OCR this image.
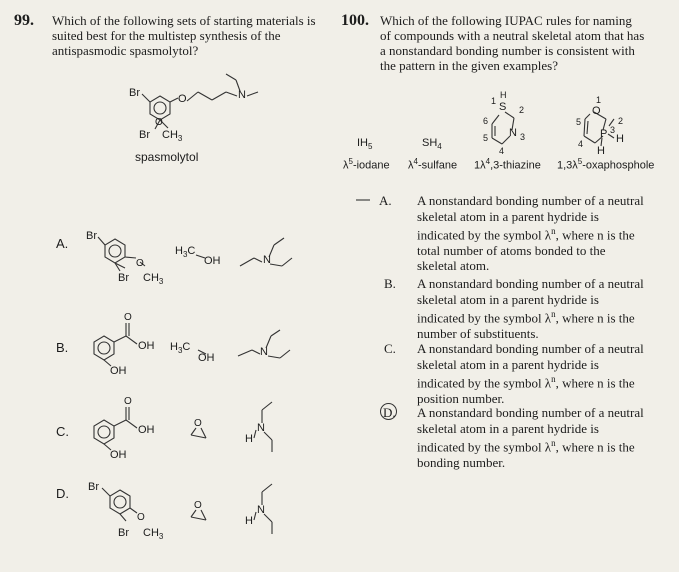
99. Which of the following sets of starting materials is
suited best for the multistep synthesis of the
antispasmodic spasmolytol?
100. Which of the following IUPAC rules for naming
of compounds with a neutral skeletal atom that has
a nonstandard bonding number is consistent with
the pattern in the given examples?
Br	O
Br $CH_3$
O
N
spasmolytol
A. Br
O
Br $CH_3$
$H_3C$
OH	N
B.
O
OH
OH
$H_3C$
OH	N
C.
O
OH
OH
O
H
N
D. Br
O
Br $CH_3$
O
H
N
$IH_5$	$SH_4$
$\lambda^5$-iodane $\lambda^4$-sulfane $1\lambda^4,3$-thiazine $1,3\lambda^5$-oxaphosphole
H
S
1
2
N 3
4
5
6
1
O
2
P 3
H
H
4
5
A. A nonstandard bonding number of a neutral
skeletal atom in a parent hydride is
indicated by the symbol $\lambda^n$, where n is the
total number of atoms bonded to the
skeletal atom.
B. A nonstandard bonding number of a neutral
skeletal atom in a parent hydride is
indicated by the symbol $\lambda^n$, where n is the
number of substituents.
C. A nonstandard bonding number of a neutral
skeletal atom in a parent hydride is
indicated by the symbol $\lambda^n$, where n is the
position number.
D. A nonstandard bonding number of a neutral
skeletal atom in a parent hydride is
indicated by the symbol $\lambda^n$, where n is the
bonding number.
